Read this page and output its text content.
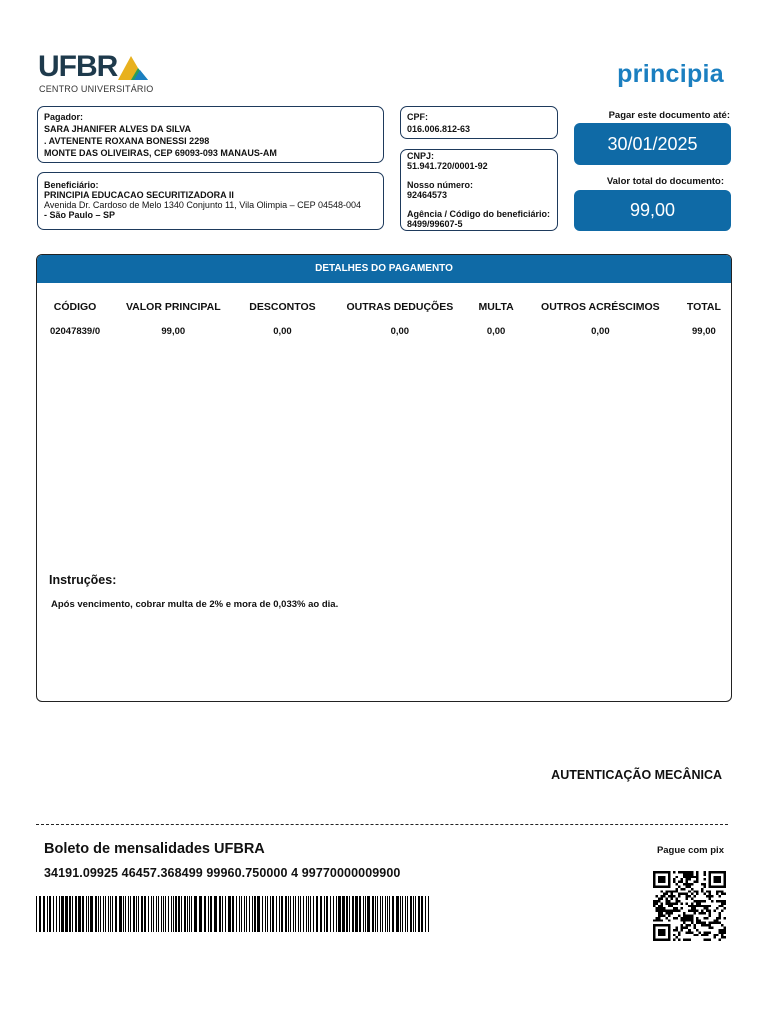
UFBR
CENTRO UNIVERSITÁRIO
principia
Pagador:
SARA JHANIFER ALVES DA SILVA
. AVTENENTE ROXANA BONESSI 2298
MONTE DAS OLIVEIRAS, CEP 69093-093 MANAUS-AM
Beneficiário:
PRINCIPIA EDUCACAO SECURITIZADORA II
Avenida Dr. Cardoso de Melo 1340 Conjunto 11, Vila Olimpia – CEP 04548-004
- São Paulo – SP
CPF:
016.006.812-63
CNPJ:
51.941.720/0001-92
Nosso número:
92464573
Agência / Código do beneficiário:
8499/99607-5
Pagar este documento até:
30/01/2025
Valor total do documento:
99,00
DETALHES DO PAGAMENTO
CÓDIGO	VALOR PRINCIPAL	DESCONTOS	OUTRAS DEDUÇÕES	MULTA	OUTROS ACRÉSCIMOS	TOTAL
02047839/0	99,00	0,00	0,00	0,00	0,00	99,00
Instruções:
Após vencimento, cobrar multa de 2% e mora de 0,033% ao dia.
AUTENTICAÇÃO MECÂNICA
Boleto de mensalidades UFBRA
34191.09925 46457.368499 99960.750000 4 99770000009900
Pague com pix
